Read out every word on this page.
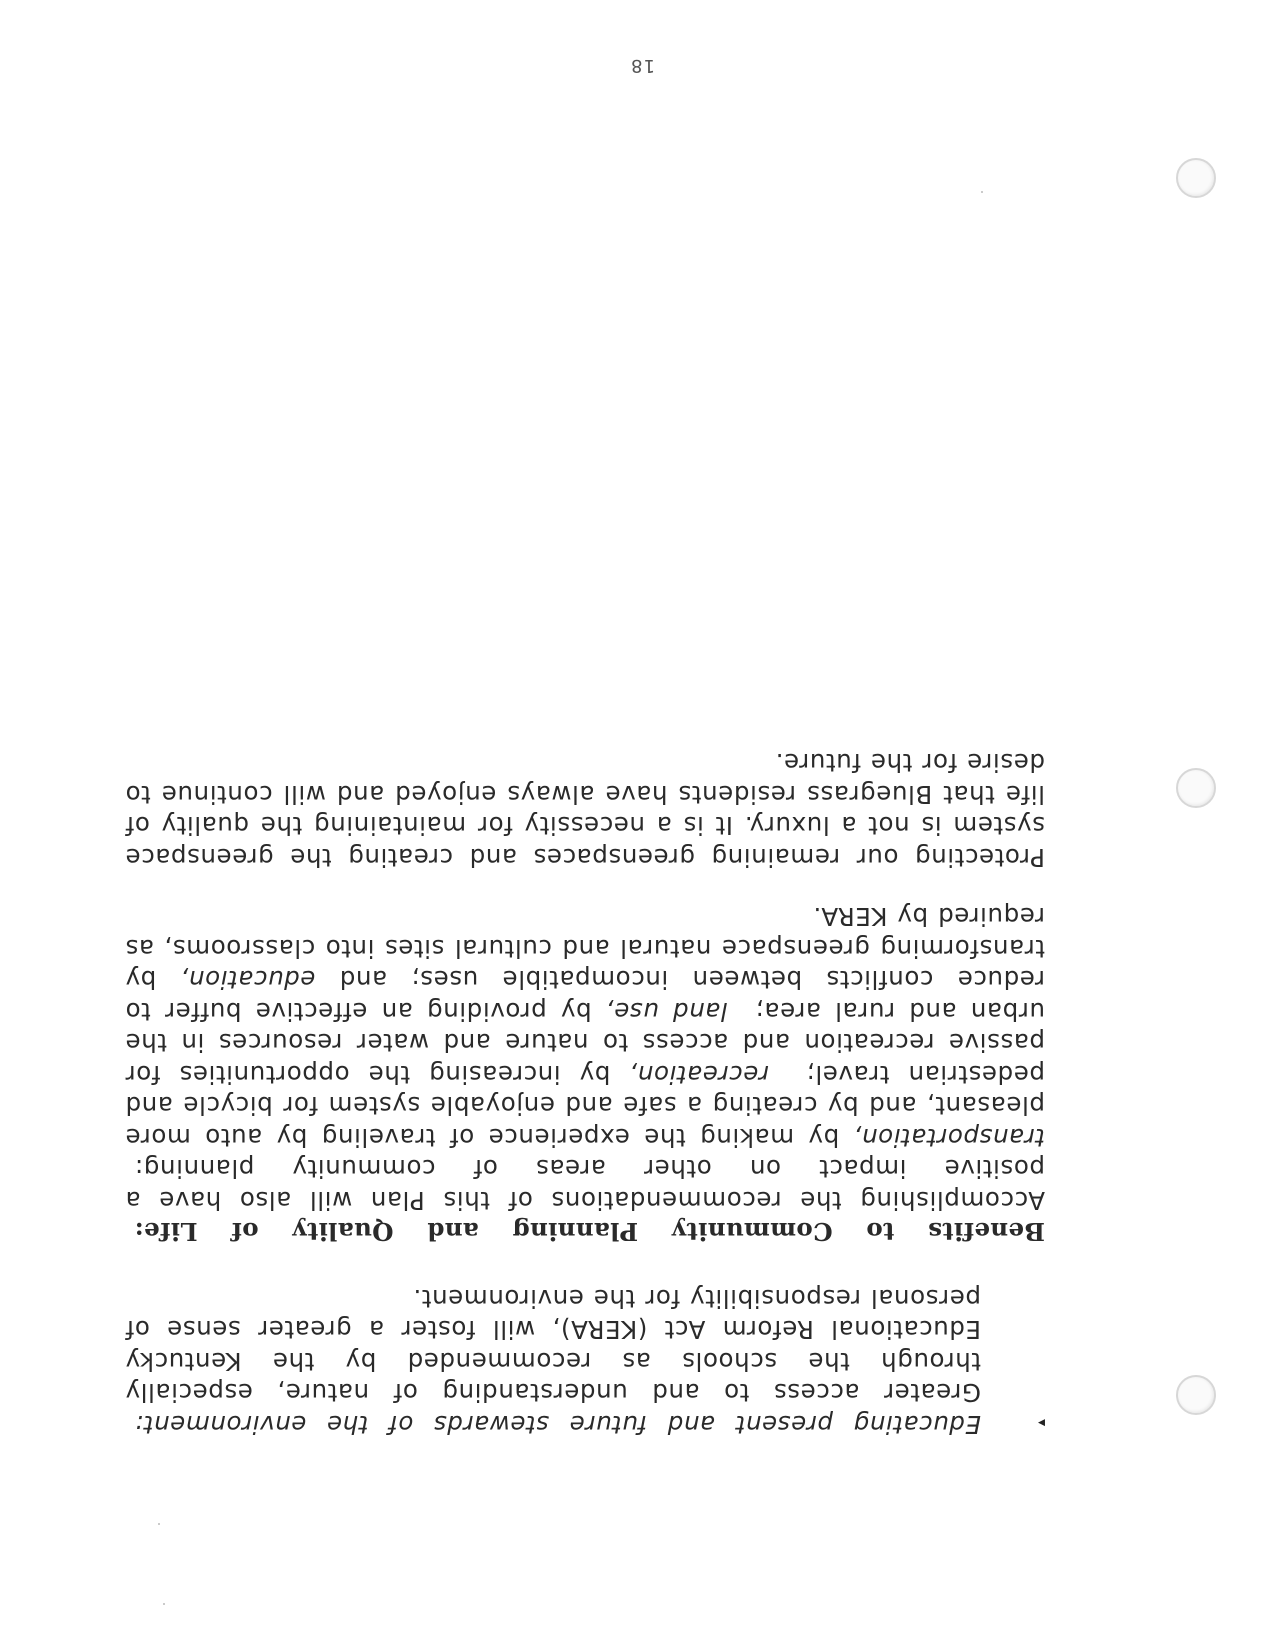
▸

Educating present and future stewards of the environment:  Greater access to and understanding of nature, especially through the schools as recommended by the Kentucky Educational Reform Act (KERA), will foster a greater sense of personal responsibility for the environment.

Benefits to Community Planning and Quality of Life:  Accomplishing the recommendations of this Plan will also have a positive impact on other areas of community planning:  transportation, by making the experience of traveling by auto more pleasant, and by creating a safe and enjoyable system for bicycle and pedestrian travel;  recreation, by increasing the opportunities for passive recreation and access to nature and water resources in the urban and rural area;  land use, by providing an effective buffer to reduce conflicts between incompatible uses; and education, by transforming greenspace natural and cultural sites into classrooms, as required by KERA.

Protecting our remaining greenspaces and creating the greenspace system is not a luxury. It is a necessity for maintaining the quality of life that Bluegrass residents have always enjoyed and will continue to desire for the future.

18
